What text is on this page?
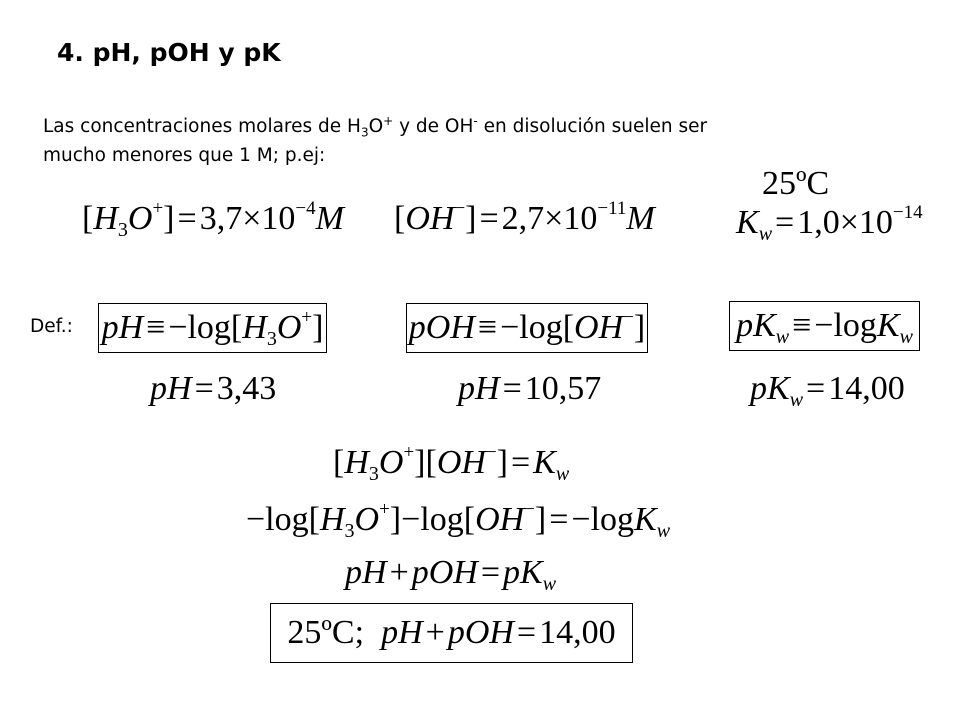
4. pH, pOH y pK
Las concentraciones molares de $H_3O^+$ y de OH- en disolución suelen ser
mucho menores que 1 M; p.ej:
$[H_3O^+]=3,7\times 10^{-4}M$ $[OH^-]=2,7\times 10^{-11}M$
25ºC
$K_w=1,0\times 10^{-14}$
Def.: $pH\equiv-\log[H_3O^+]$	pOH≡−log[OH−]	$pK_w\equiv-\log K_w$
pH=3,43	pH=10,57	$pK_w=14,00$
$[H_3O^+][OH^-]=K_w$
$-\log[H_3O^+]-\log[OH^-]=-\log K_w$
$pH+pOH=pK_w$
25ºC;  pH+pOH=14,00
